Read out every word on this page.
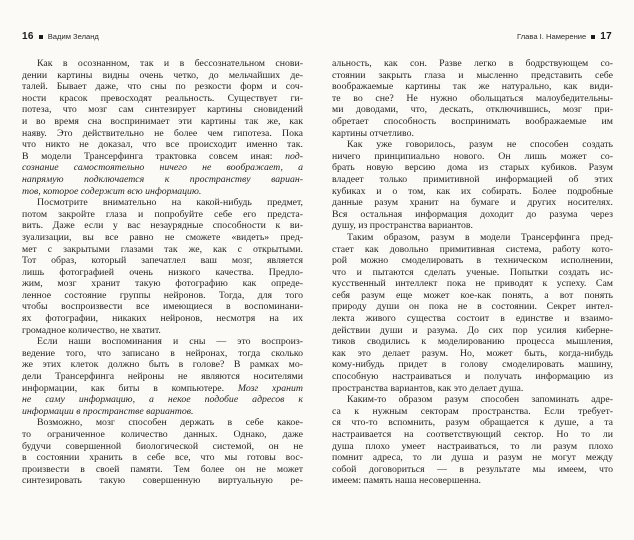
16 Вадим Зеланд
Как в осознанном, так и в бессознательном снови-
дении картины видны очень четко, до мельчайших де-
талей. Бывает даже, что сны по резкости форм и соч-
ности красок превосходят реальность. Существует ги-
потеза, что мозг сам синтезирует картины сновидений
и во время сна воспринимает эти картины так же, как
наяву. Это действительно не более чем гипотеза. Пока
что никто не доказал, что все происходит именно так.
В модели Трансерфинга трактовка совсем иная: под-
сознание самостоятельно ничего не воображает, а
напрямую подключается к пространству вариан-
тов, которое содержит всю информацию.
Посмотрите внимательно на какой-нибудь предмет,
потом закройте глаза и попробуйте себе его предста-
вить. Даже если у вас незаурядные способности к ви-
зуализации, вы все равно не сможете «видеть» пред-
мет с закрытыми глазами так же, как с открытыми.
Тот образ, который запечатлел ваш мозг, является
лишь фотографией очень низкого качества. Предло-
жим, мозг хранит такую фотографию как опреде-
ленное состояние группы нейронов. Тогда, для того
чтобы воспроизвести все имеющиеся в воспоминани-
ях фотографии, никаких нейронов, несмотря на их
громадное количество, не хватит.
Если наши воспоминания и сны — это воспроиз-
ведение того, что записано в нейронах, тогда сколько
же этих клеток должно быть в голове? В рамках мо-
дели Трансерфинга нейроны не являются носителями
информации, как биты в компьютере. Мозг хранит
не саму информацию, а некое подобие адресов к
информации в пространстве вариантов.
Возможно, мозг способен держать в себе какое-
то ограниченное количество данных. Однако, даже
будучи совершенной биологической системой, он не
в состоянии хранить в себе все, что мы готовы вос-
произвести в своей памяти. Тем более он не может
синтезировать такую совершенную виртуальную ре-
Глава I. Намерение 17
альность, как сон. Разве легко в бодрствующем со-
стоянии закрыть глаза и мысленно представить себе
воображаемые картины так же натурально, как види-
те во сне? Не нужно обольщаться малоубедительны-
ми доводами, что, дескать, отключившись, мозг при-
обретает способность воспринимать воображаемые им
картины отчетливо.
Как уже говорилось, разум не способен создать
ничего принципиально нового. Он лишь может со-
брать новую версию дома из старых кубиков. Разум
владеет только примитивной информацией об этих
кубиках и о том, как их собирать. Более подробные
данные разум хранит на бумаге и других носителях.
Вся остальная информация доходит до разума через
душу, из пространства вариантов.
Таким образом, разум в модели Трансерфинга пред-
стает как довольно примитивная система, работу кото-
рой можно смоделировать в техническом исполнении,
что и пытаются сделать ученые. Попытки создать ис-
кусственный интеллект пока не приводят к успеху. Сам
себя разум еще может кое-как понять, а вот понять
природу души он пока не в состоянии. Секрет интел-
лекта живого существа состоит в единстве и взаимо-
действии души и разума. До сих пор усилия киберне-
тиков сводились к моделированию процесса мышления,
как это делает разум. Но, может быть, когда-нибудь
кому-нибудь придет в голову смоделировать машину,
способную настраиваться и получать информацию из
пространства вариантов, как это делает душа.
Каким-то образом разум способен запоминать адре-
са к нужным секторам пространства. Если требует-
ся что-то вспомнить, разум обращается к душе, а та
настраивается на соответствующий сектор. Но то ли
душа плохо умеет настраиваться, то ли разум плохо
помнит адреса, то ли душа и разум не могут между
собой договориться — в результате мы имеем, что
имеем: память наша несовершенна.
